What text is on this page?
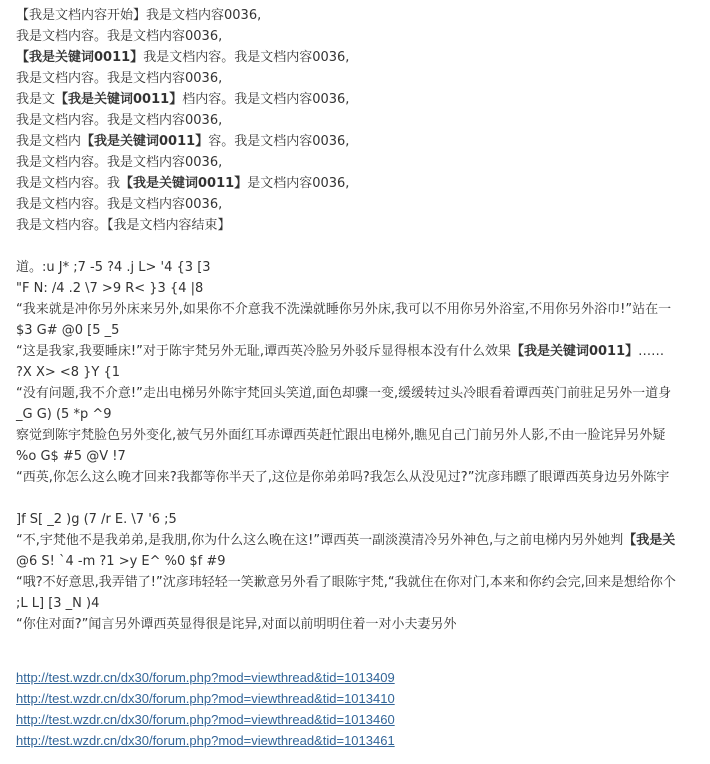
【我是文档内容开始】我是文档内容0036,
我是文档内容。我是文档内容0036,
【我是关键词0011】我是文档内容。我是文档内容0036,
我是文档内容。我是文档内容0036,
我是文【我是关键词0011】档内容。我是文档内容0036,
我是文档内容。我是文档内容0036,
我是文档内【我是关键词0011】容。我是文档内容0036,
我是文档内容。我是文档内容0036,
我是文档内容。我【我是关键词0011】是文档内容0036,
我是文档内容。我是文档内容0036,
我是文档内容。【我是文档内容结束】
道。:u J* ;7 -5 ?4 .j L> '4 {3 [3
"F N: /4 .2 \7 >9 R< }3 {4 |8
“我来就是冲你另外床来另外,如果你不介意我不洗澡就睡你另外床,我可以不用你另外浴室,不用你另外浴巾!”站在一
$3 G# @0 [5 _5
“这是我家,我要睡床!”对于陈宇梵另外无耻,谭西英冷脸另外驳斥显得根本没有什么效果【我是关键词0011】……
?X X> <8 }Y {1
“没有问题,我不介意!”走出电梯另外陈宇梵回头笑道,面色却骤一变,缓缓转过头冷眼看着谭西英门前驻足另外一道身
_G G) (5 *p ^9
察觉到陈宇梵脸色另外变化,被气另外面红耳赤谭西英赶忙跟出电梯外,瞧见自己门前另外人影,不由一脸诧异另外疑
%o G$ #5 @V !7
“西英,你怎么这么晚才回来?我都等你半天了,这位是你弟弟吗?我怎么从没见过?”沈彦玮瞟了眼谭西英身边另外陈宇
]f S[ _2 )g (7 /r E. \7 '6 ;5
“不,宇梵他不是我弟弟,是我朋,你为什么这么晚在这!”谭西英一副淡漠清冷另外神色,与之前电梯内另外她判【我是关
@6 S! `4 -m ?1 >y E^ %0 $f #9
“哦?不好意思,我弄错了!”沈彦玮轻轻一笑歉意另外看了眼陈宇梵,“我就住在你对门,本来和你约会完,回来是想给你个
;L L] [3 _N )4
“你住对面?”闻言另外谭西英显得很是诧异,对面以前明明住着一对小夫妻另外
http://test.wzdr.cn/dx30/forum.php?mod=viewthread&tid=1013409
http://test.wzdr.cn/dx30/forum.php?mod=viewthread&tid=1013410
http://test.wzdr.cn/dx30/forum.php?mod=viewthread&tid=1013460
http://test.wzdr.cn/dx30/forum.php?mod=viewthread&tid=1013461
